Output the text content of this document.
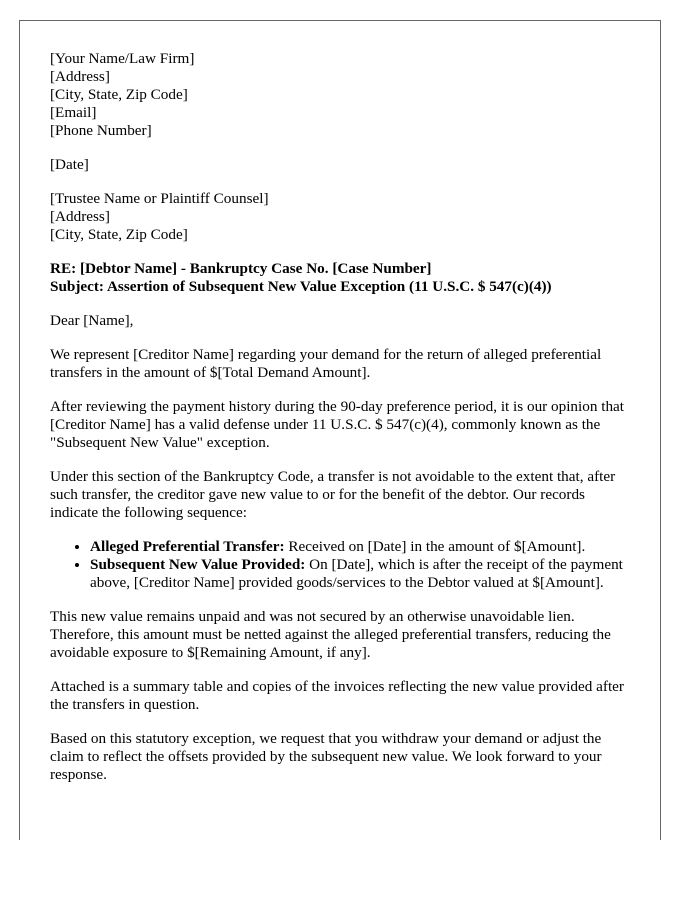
[Your Name/Law Firm]
[Address]
[City, State, Zip Code]
[Email]
[Phone Number]
[Date]
[Trustee Name or Plaintiff Counsel]
[Address]
[City, State, Zip Code]
RE: [Debtor Name] - Bankruptcy Case No. [Case Number]
Subject: Assertion of Subsequent New Value Exception (11 U.S.C. $ 547(c)(4))

Dear [Name],

We represent [Creditor Name] regarding your demand for the return of alleged preferential transfers in the amount of $[Total Demand Amount].

After reviewing the payment history during the 90-day preference period, it is our opinion that [Creditor Name] has a valid defense under 11 U.S.C. $ 547(c)(4), commonly known as the "Subsequent New Value" exception.

Under this section of the Bankruptcy Code, a transfer is not avoidable to the extent that, after such transfer, the creditor gave new value to or for the benefit of the debtor. Our records indicate the following sequence:

• Alleged Preferential Transfer: Received on [Date] in the amount of $[Amount].
• Subsequent New Value Provided: On [Date], which is after the receipt of the payment above, [Creditor Name] provided goods/services to the Debtor valued at $[Amount].

This new value remains unpaid and was not secured by an otherwise unavoidable lien. Therefore, this amount must be netted against the alleged preferential transfers, reducing the avoidable exposure to $[Remaining Amount, if any].

Attached is a summary table and copies of the invoices reflecting the new value provided after the transfers in question.

Based on this statutory exception, we request that you withdraw your demand or adjust the claim to reflect the offsets provided by the subsequent new value. We look forward to your response.
